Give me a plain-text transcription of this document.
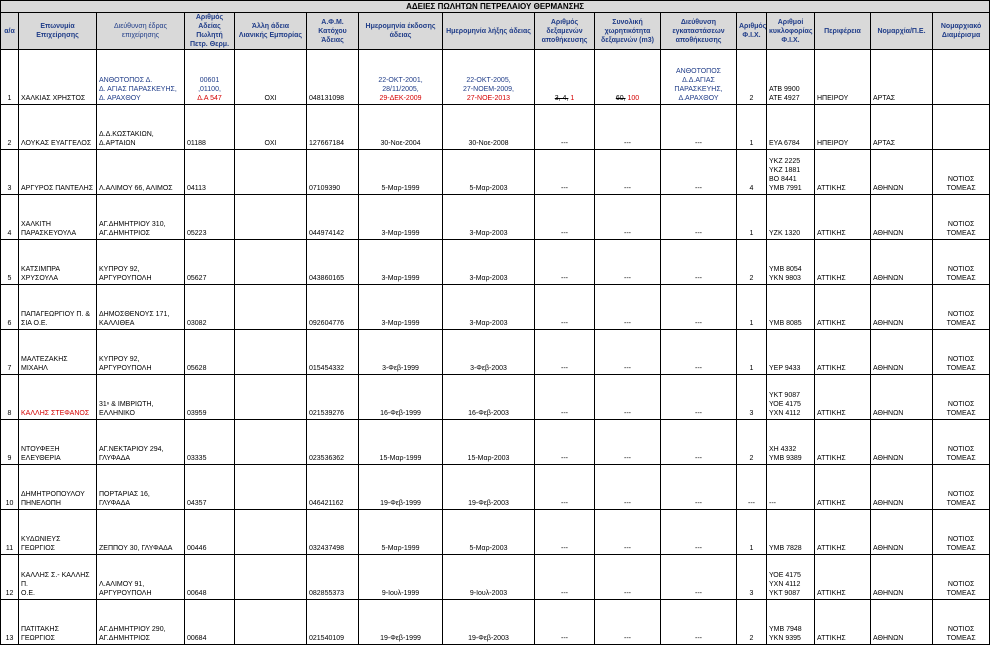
ΑΔΕΙΕΣ ΠΩΛΗΤΩΝ ΠΕΤΡΕΛΑΙΟΥ ΘΕΡΜΑΝΣΗΣ															
α/α	Επωνυμία Επιχείρησης	Διεύθυνση έδρας επιχείρησης	Αριθμός Αδείας Πωλητή Πετρ. Θερμ.	Άλλη άδεια Λιανικής Εμπορίας	Α.Φ.Μ. Κατόχου Άδειας	Ημερομηνία έκδοσης άδειας	Ημερομηνία λήξης άδειας	Αριθμός δεξαμενών αποθήκευσης	Συνολική χωρητικότητα δεξαμενών (m3)	Διεύθυνση εγκαταστάσεων αποθήκευσης	Αριθμός Φ.Ι.Χ.	Αριθμοί κυκλοφορίας Φ.Ι.Χ.	Περιφέρεια	Νομαρχία/Π.Ε.	Νομαρχιακό Διαμέρισμα
1	ΧΑΛΚΙΑΣ ΧΡΗΣΤΟΣ	ΑΝΘΟΤΟΠΟΣ Δ.
Δ. ΑΓΙΑΣ ΠΑΡΑΣΚΕΥΗΣ,
Δ. ΑΡΑΧΘΟΥ	00601
,01100,
Δ.Α 547	ΟΧΙ	048131098	22-ΟΚΤ-2001,
28/11/2005,
29-ΔΕΚ-2009	22-ΟΚΤ-2005,
27-ΝΟΕΜ-2009,
27-ΝΟΕ-2013	3, 4, 1	60, 100	ΑΝΘΟΤΟΠΟΣ
Δ.Δ.ΑΓΙΑΣ
ΠΑΡΑΣΚΕΥΗΣ,
Δ.ΑΡΑΧΘΟΥ	2	ΑΤΒ 9900
ΑΤΕ 4927	ΗΠΕΙΡΟΥ	ΑΡΤΑΣ	
2	ΛΟΥΚΑΣ ΕΥΑΓΓΕΛΟΣ	Δ.Δ.ΚΩΣΤΑΚΙΩΝ,
Δ.ΑΡΤΑΙΩΝ	01188	ΟΧΙ	127667184	30-Νοε-2004	30-Νοε-2008	---	---	---	1	ΕΥΑ 6784	ΗΠΕΙΡΟΥ	ΑΡΤΑΣ	
3	ΑΡΓΥΡΟΣ ΠΑΝΤΕΛΗΣ	Λ.ΑΛΙΜΟΥ 66, ΑΛΙΜΟΣ	04113		07109390	5-Μαρ-1999	5-Μαρ-2003	---	---	---	4	ΥΚΖ 2225
ΥΚΖ 1881
ΒΟ 8441
ΥΜΒ 7991	ΑΤΤΙΚΗΣ	ΑΘΗΝΩΝ	ΝΟΤΙΟΣ
ΤΟΜΕΑΣ

4	ΧΑΛΚΙΤΗ
ΠΑΡΑΣΚΕΥΟΥΛΑ	ΑΓ.ΔΗΜΗΤΡΙΟΥ 310,
ΑΓ.ΔΗΜΗΤΡΙΟΣ	05223		044974142	3-Μαρ-1999	3-Μαρ-2003	---	---	---	1	ΥΖΚ 1320	ΑΤΤΙΚΗΣ	ΑΘΗΝΩΝ	ΝΟΤΙΟΣ
ΤΟΜΕΑΣ

5	ΚΑΤΣΙΜΠΡΑ ΧΡΥΣΟΥΛΑ	ΚΥΠΡΟΥ 92,
ΑΡΓΥΡΟΥΠΟΛΗ	05627		043860165	3-Μαρ-1999	3-Μαρ-2003	---	---	---	2	ΥΜΒ 8054
ΥΚΝ 9803	ΑΤΤΙΚΗΣ	ΑΘΗΝΩΝ	ΝΟΤΙΟΣ
ΤΟΜΕΑΣ

6	ΠΑΠΑΓΕΩΡΓΙΟΥ Π. &
ΣΙΑ Ο.Ε.	ΔΗΜΟΣΘΕΝΟΥΣ 171,
ΚΑΛΛΙΘΕΑ	03082		092604776	3-Μαρ-1999	3-Μαρ-2003	---	---	---	1	ΥΜΒ 8085	ΑΤΤΙΚΗΣ	ΑΘΗΝΩΝ	ΝΟΤΙΟΣ
ΤΟΜΕΑΣ

7	ΜΑΛΤΕΖΑΚΗΣ ΜΙΧΑΗΛ	ΚΥΠΡΟΥ 92,
ΑΡΓΥΡΟΥΠΟΛΗ	05628		015454332	3-Φεβ-1999	3-Φεβ-2003	---	---	---	1	ΥΕΡ 9433	ΑΤΤΙΚΗΣ	ΑΘΗΝΩΝ	ΝΟΤΙΟΣ
ΤΟΜΕΑΣ

8	ΚΑΛΛΗΣ ΣΤΕΦΑΝΟΣ	31ⁿ & ΙΜΒΡΙΩΤΗ,
ΕΛΛΗΝΙΚΟ	03959		021539276	16-Φεβ-1999	16-Φεβ-2003	---	---	---	3	ΥΚΤ 9087
ΥΟΕ 4175
ΥΧΝ 4112	ΑΤΤΙΚΗΣ	ΑΘΗΝΩΝ	ΝΟΤΙΟΣ
ΤΟΜΕΑΣ

9	ΝΤΟΥΦΕΞΗ ΕΛΕΥΘΕΡΙΑ	ΑΓ.ΝΕΚΤΑΡΙΟΥ 294,
ΓΛΥΦΑΔΑ	03335		023536362	15-Μαρ-1999	15-Μαρ-2003	---	---	---	2	ΧΗ 4332
ΥΜΒ 9389	ΑΤΤΙΚΗΣ	ΑΘΗΝΩΝ	ΝΟΤΙΟΣ
ΤΟΜΕΑΣ

10	ΔΗΜΗΤΡΟΠΟΥΛΟΥ
ΠΗΝΕΛΟΠΗ	ΠΟΡΤΑΡΙΑΣ 16,
ΓΛΥΦΑΔΑ	04357		046421162	19-Φεβ-1999	19-Φεβ-2003	---	---	---	---	---	ΑΤΤΙΚΗΣ	ΑΘΗΝΩΝ	ΝΟΤΙΟΣ
ΤΟΜΕΑΣ

11	ΚΥΔΩΝΙΕΥΣ ΓΕΩΡΓΙΟΣ	ΖΕΠΠΟΥ 30, ΓΛΥΦΑΔΑ	00446		032437498	5-Μαρ-1999	5-Μαρ-2003	---	---	---	1	ΥΜΒ 7828	ΑΤΤΙΚΗΣ	ΑΘΗΝΩΝ	ΝΟΤΙΟΣ
ΤΟΜΕΑΣ

12	ΚΑΛΛΗΣ Σ.- ΚΑΛΛΗΣ Π.
Ο.Ε.	Λ.ΑΛΙΜΟΥ 91,
ΑΡΓΥΡΟΥΠΟΛΗ	00648		082855373	9-Ιουλ-1999	9-Ιουλ-2003	---	---	---	3	ΥΟΕ 4175
ΥΧΝ 4112
ΥΚΤ 9087	ΑΤΤΙΚΗΣ	ΑΘΗΝΩΝ	ΝΟΤΙΟΣ
ΤΟΜΕΑΣ

13	ΠΑΤΙΤΑΚΗΣ ΓΕΩΡΓΙΟΣ	ΑΓ.ΔΗΜΗΤΡΙΟΥ 290,
ΑΓ.ΔΗΜΗΤΡΙΟΣ	00684		021540109	19-Φεβ-1999	19-Φεβ-2003	---	---	---	2	ΥΜΒ 7948
ΥΚΝ 9395	ΑΤΤΙΚΗΣ	ΑΘΗΝΩΝ	ΝΟΤΙΟΣ
ΤΟΜΕΑΣ
